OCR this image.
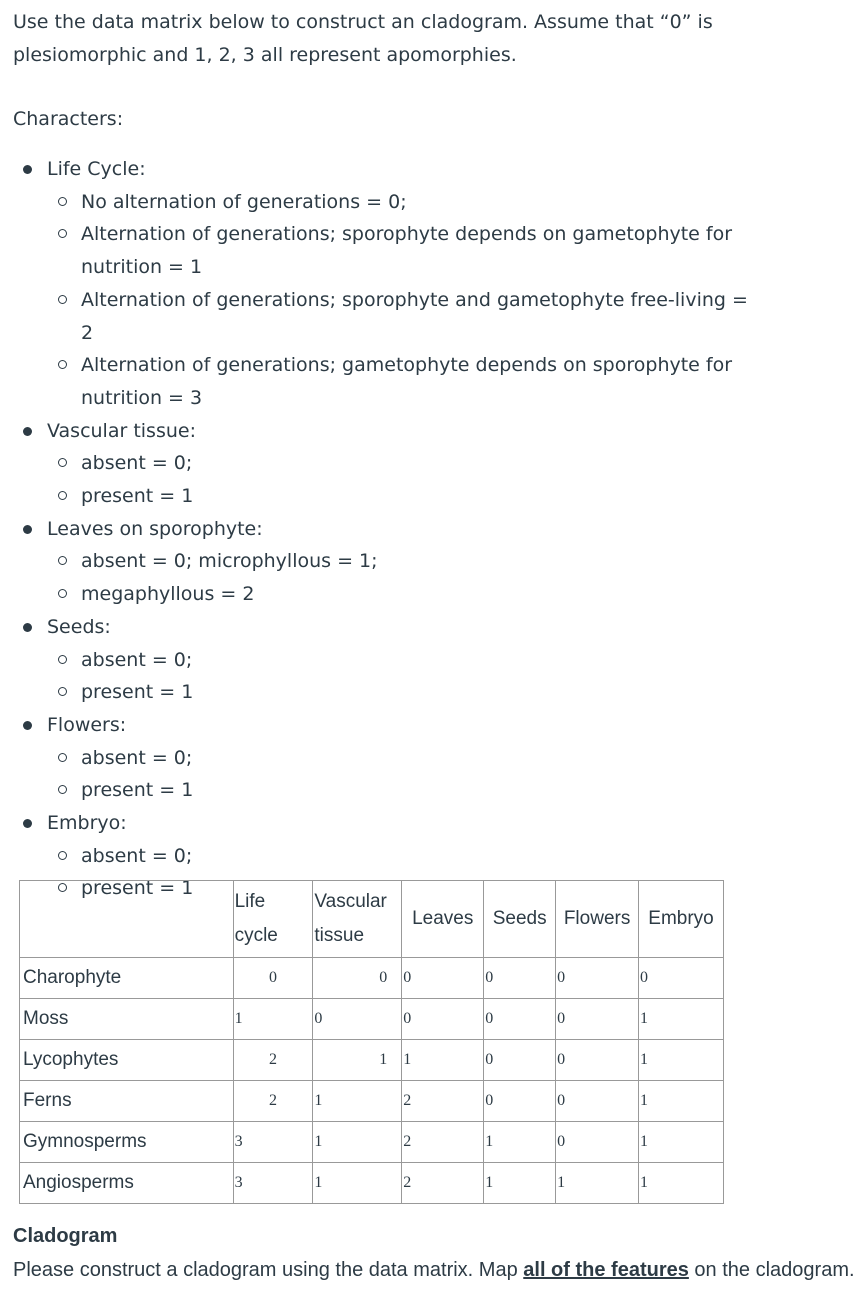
Use the data matrix below to construct an cladogram. Assume that “0” is plesiomorphic and 1, 2, 3 all represent apomorphies.
Characters:
Life Cycle:
No alternation of generations = 0;
Alternation of generations; sporophyte depends on gametophyte for nutrition = 1
Alternation of generations; sporophyte and gametophyte free-living = 2
Alternation of generations; gametophyte depends on sporophyte for nutrition = 3
Vascular tissue:
absent = 0;
present = 1
Leaves on sporophyte:
absent = 0; microphyllous = 1;
megaphyllous = 2
Seeds:
absent = 0;
present = 1
Flowers:
absent = 0;
present = 1
Embryo:
absent = 0;
present = 1
	Life cycle	Vascular tissue	Leaves	Seeds	Flowers	Embryo
Charophyte	0	0	0	0	0	0
Moss	1	0	0	0	0	1
Lycophytes	2	1	1	0	0	1
Ferns	2	1	2	0	0	1
Gymnosperms	3	1	2	1	0	1
Angiosperms	3	1	2	1	1	1
Cladogram
Please construct a cladogram using the data matrix. Map all of the features on the cladogram.
